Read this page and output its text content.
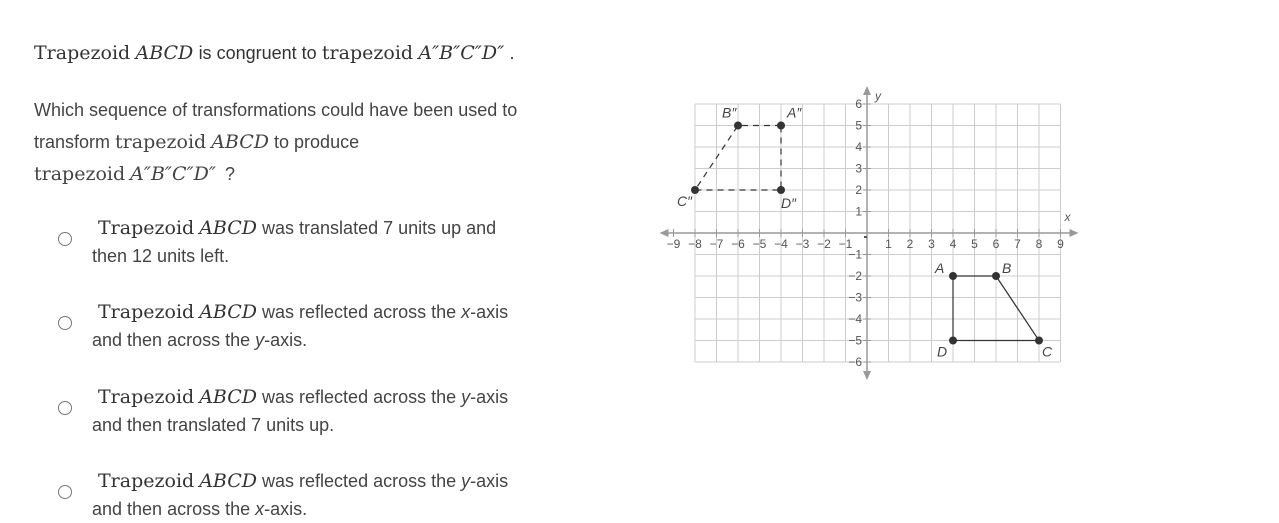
Trapezoid ABCD is congruent to trapezoid A″B″C″D″ .
Which sequence of transformations could have been used to
transform trapezoid ABCD to produce
trapezoid A″B″C″D″ ?
Trapezoid ABCD was translated 7 units up and
then 12 units left.
Trapezoid ABCD was reflected across the x-axis
and then across the y-axis.
Trapezoid ABCD was reflected across the y-axis
and then translated 7 units up.
Trapezoid ABCD was reflected across the y-axis
and then across the x-axis.
−9 −8 −7 −6 −5 −4 −3 −2 −1	1 2 3 4 5 6 7 8 9
−6
−5
−4
−3
−2
−1
1
2
3
4
5
6
A	B
C
D
A″
B″
C″	D″
x
y
